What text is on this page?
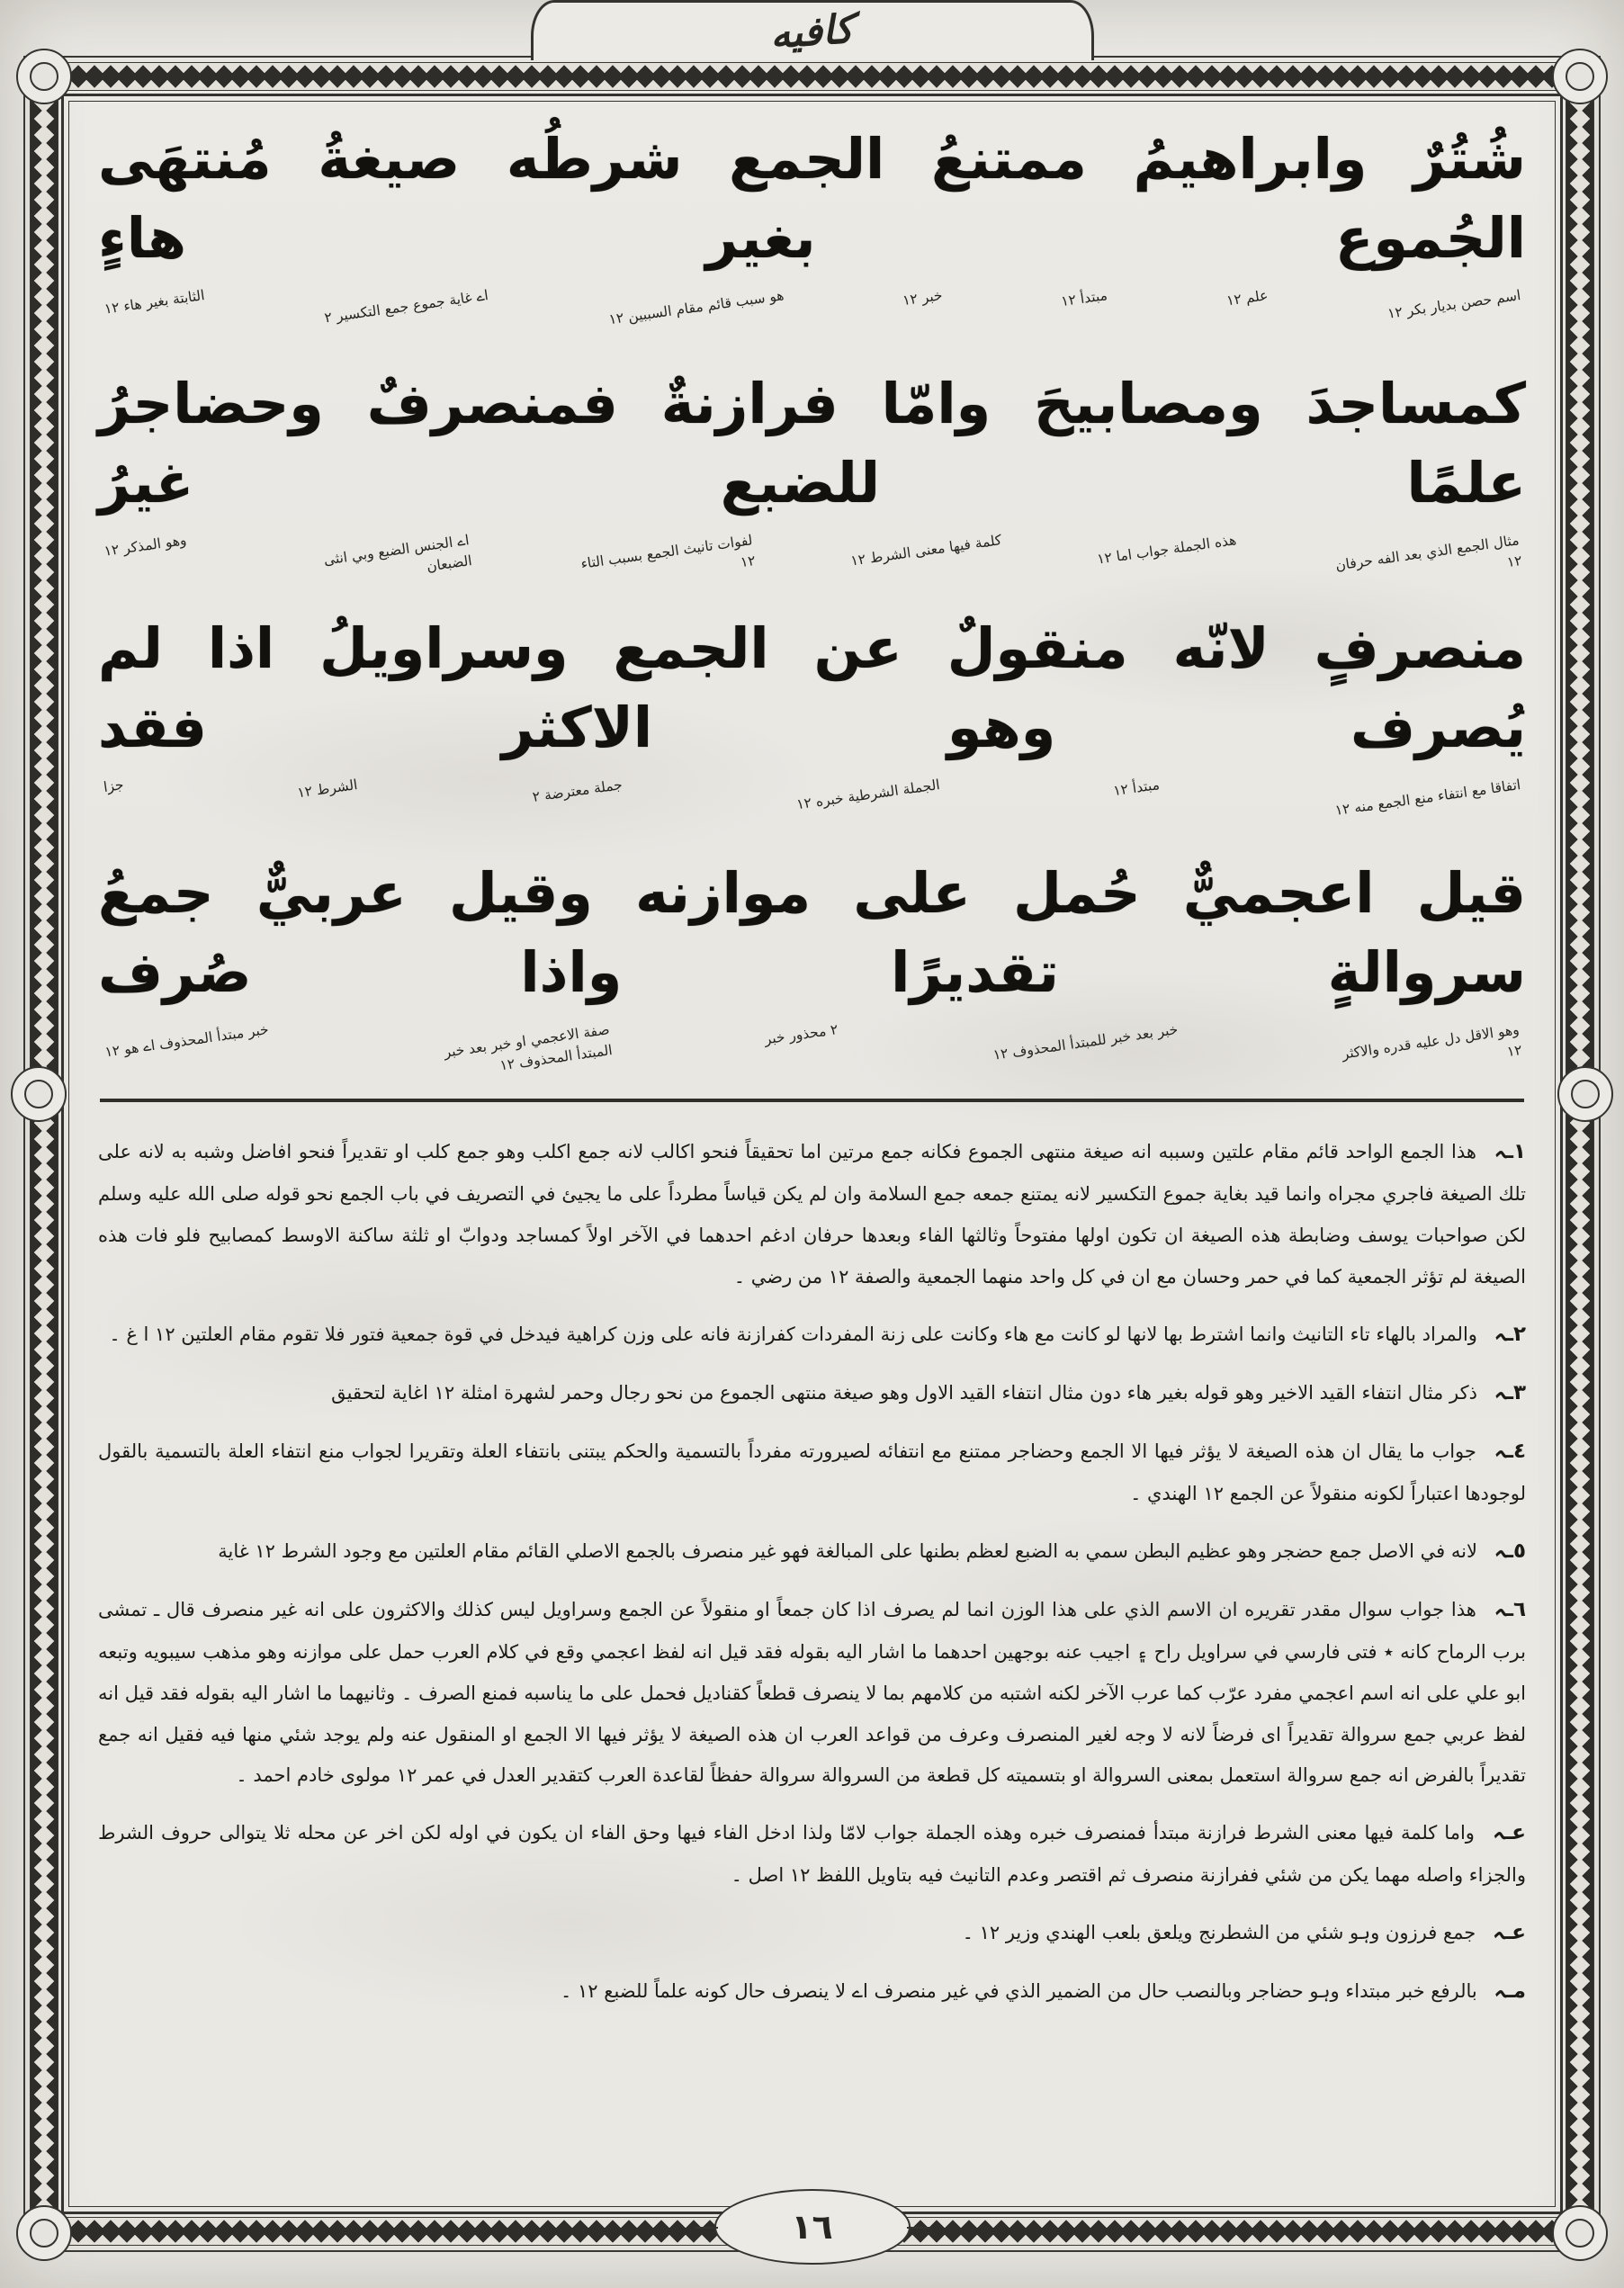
كافيه
شُتُرٌ وابراهيمُ ممتنعُ الجمع شرطُه صيغةُ مُنتهَى الجُموع بغير هاءٍ
اسم حصن بديار بكر ١٢
علم ١٢
مبتدأ ١٢
خبر ١٢
هو سبب قائم مقام السببين ١٢
اے غاية جموع جمع التكسير ٢
الثابتة بغير هاء ١٢
كمساجدَ ومصابيحَ وامّا فرازنةٌ فمنصرفٌ وحضاجرُ علمًا للضبع غيرُ
مثال الجمع الذي بعد الفه حرفان ١٢
هذه الجملة جواب اما ١٢
كلمة فيها معنى الشرط ١٢
لفوات تانيث الجمع بسبب التاء ١٢
اے الجنس الضبع وبي انثى الضبعان
وهو المذكر ١٢
منصرفٍ لانّه منقولٌ عن الجمع وسراويلُ اذا لم يُصرف وهو الاكثر فقد
اتفاقا مع انتفاء منع الجمع منه ١٢
مبتدأ ١٢
الجملة الشرطية خبره ١٢
جملة معترضة ٢
الشرط ١٢
جزا
قيل اعجميٌّ حُمل على موازنه وقيل عربيٌّ جمعُ سروالةٍ تقديرًا واذا صُرف
وهو الاقل دل عليه قدره والاكثر ١٢
خبر بعد خبر للمبتدأ المحذوف ١٢
٢ محذور خبر
صفة الاعجمي او خبر بعد خبر المبتدأ المحذوف ١٢
خبر مبتدأ المحذوف اے هو ١٢

١ـہ هذا الجمع الواحد قائم مقام علتين وسببه انه صيغة منتهى الجموع فكانه جمع مرتين اما تحقيقاً فنحو اكالب لانه جمع اكلب وهو جمع كلب او تقديراً فنحو افاضل وشبه به لانه على تلك الصيغة فاجري مجراه وانما قيد بغاية جموع التكسير لانه يمتنع جمعه جمع السلامة وان لم يكن قياساً مطرداً على ما يجيئ في التصريف في باب الجمع نحو قوله صلى الله عليه وسلم لكن صواحبات يوسف وضابطة هذه الصيغة ان تكون اولها مفتوحاً وثالثها الفاء وبعدها حرفان ادغم احدهما في الآخر اولاً كمساجد ودوابّ او ثلثة ساكنة الاوسط كمصابيح فلو فات هذه الصيغة لم تؤثر الجمعية كما في حمر وحسان مع ان في كل واحد منهما الجمعية والصفة ١٢ من رضي ۔

٢ـہ والمراد بالهاء تاء التانيث وانما اشترط بها لانها لو كانت مع هاء وكانت على زنة المفردات كفرازنة فانه على وزن كراهية فيدخل في قوة جمعية فتور فلا تقوم مقام العلتين ١٢ ا غ ۔

٣ـہ ذكر مثال انتفاء القيد الاخير وهو قوله بغير هاء دون مثال انتفاء القيد الاول وهو صيغة منتهى الجموع من نحو رجال وحمر لشهرة امثلة ١٢ اغاية لتحقيق

٤ـہ جواب ما يقال ان هذه الصيغة لا يؤثر فيها الا الجمع وحضاجر ممتنع مع انتفائه لصيرورته مفرداً بالتسمية والحكم يبتنى بانتفاء العلة وتقريرا لجواب منع انتفاء العلة بالتسمية بالقول لوجودها اعتباراً لكونه منقولاً عن الجمع ١٢ الهندي ۔

٥ـہ لانه في الاصل جمع حضجر وهو عظيم البطن سمي به الضبع لعظم بطنها على المبالغة فهو غير منصرف بالجمع الاصلي القائم مقام العلتين مع وجود الشرط ١٢ غاية

٦ـہ هذا جواب سوال مقدر تقريره ان الاسم الذي على هذا الوزن انما لم يصرف اذا كان جمعاً او منقولاً عن الجمع وسراويل ليس كذلك والاكثرون على انه غير منصرف قال ـ تمشى برب الرماح كانه ٭ فتى فارسي في سراويل راح ۽ اجيب عنه بوجهين احدهما ما اشار اليه بقوله فقد قيل انه لفظ اعجمي وقع في كلام العرب حمل على موازنه وهو مذهب سيبويه وتبعه ابو علي على انه اسم اعجمي مفرد عرّب كما عرب الآخر لكنه اشتبه من كلامهم بما لا ينصرف قطعاً كقناديل فحمل على ما يناسبه فمنع الصرف ۔ وثانيهما ما اشار اليه بقوله فقد قيل انه لفظ عربي جمع سروالة تقديراً اى فرضاً لانه لا وجه لغير المنصرف وعرف من قواعد العرب ان هذه الصيغة لا يؤثر فيها الا الجمع او المنقول عنه ولم يوجد شئي منها فيه فقيل انه جمع تقديراً بالفرض انه جمع سروالة استعمل بمعنى السروالة او بتسميته كل قطعة من السروالة سروالة حفظاً لقاعدة العرب كتقدير العدل في عمر ١٢ مولوی خادم احمد ۔

عـہ واما كلمة فيها معنى الشرط فرازنة مبتدأ فمنصرف خبره وهذه الجملة جواب لامّا ولذا ادخل الفاء فيها وحق الفاء ان يكون في اوله لكن اخر عن محله ثلا يتوالى حروف الشرط والجزاء واصله مهما يكن من شئي ففرازنة منصرف ثم اقتصر وعدم التانيث فيه بتاويل اللفظ ١٢ اصل ۔

عـہ جمع فرزون وہو شئي من الشطرنج ويلعق بلعب الهندي وزير ١٢ ۔

مـہ بالرفع خبر مبتداء وہو حضاجر وبالنصب حال من الضمير الذي في غير منصرف اے لا ينصرف حال كونه علماً للضبع ١٢ ۔

١٦
